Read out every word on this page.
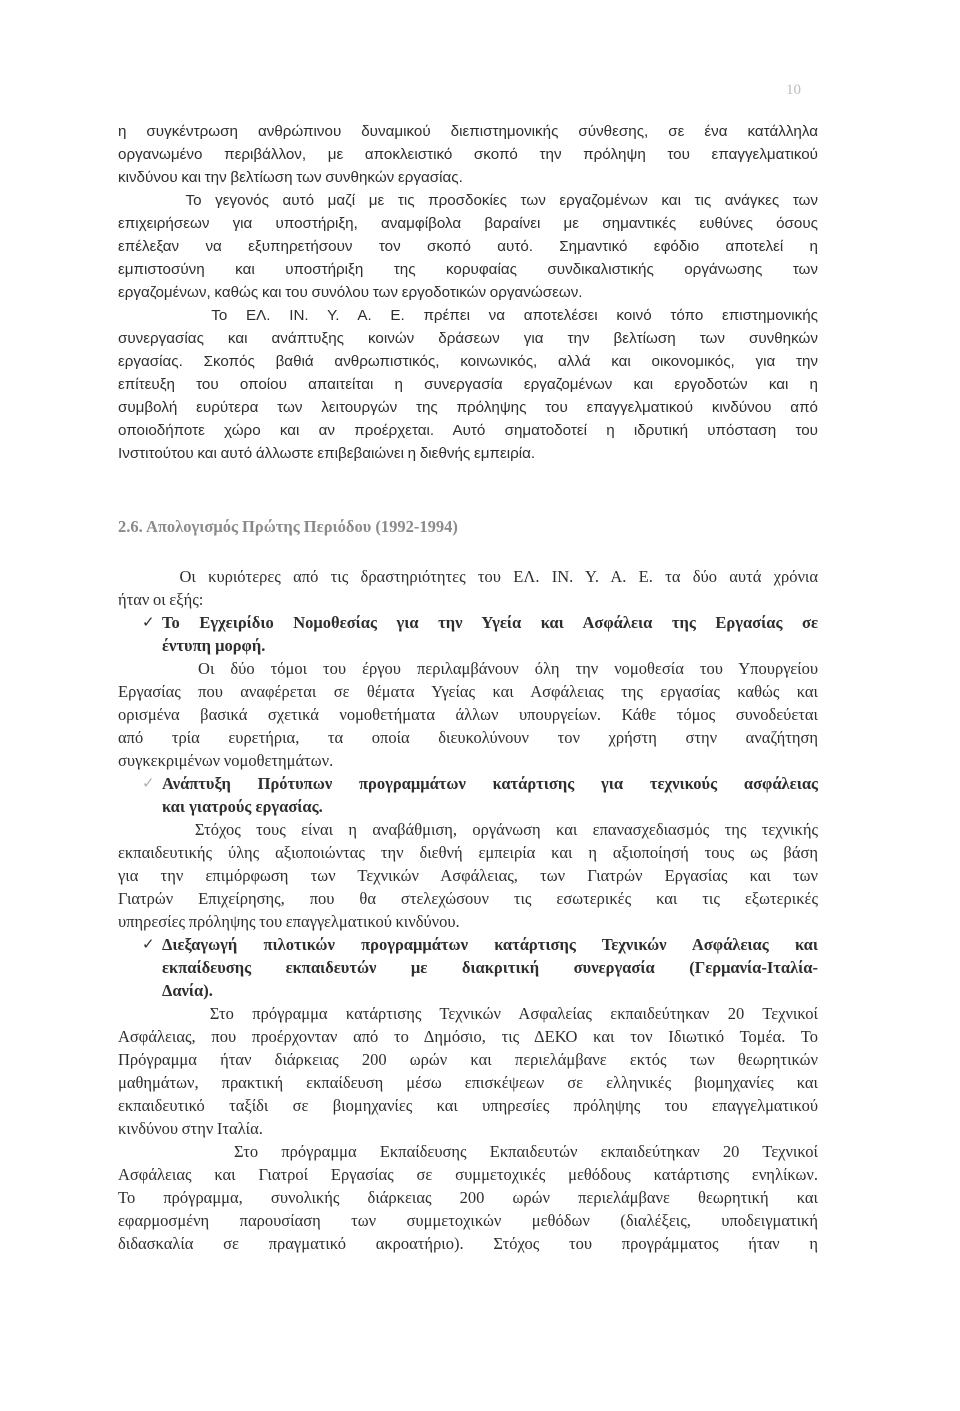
10
η συγκέντρωση ανθρώπινου δυναμικού διεπιστημονικής σύνθεσης, σε ένα κατάλληλα
οργανωμένο περιβάλλον, με αποκλειστικό σκοπό την πρόληψη του επαγγελματικού
κινδύνου και την βελτίωση των συνθηκών εργασίας.
Το γεγονός αυτό μαζί με τις προσδοκίες των εργαζομένων και τις ανάγκες των
επιχειρήσεων για υποστήριξη, αναμφίβολα βαραίνει με σημαντικές ευθύνες όσους
επέλεξαν να εξυπηρετήσουν τον σκοπό αυτό. Σημαντικό εφόδιο αποτελεί η
εμπιστοσύνη και υποστήριξη της κορυφαίας συνδικαλιστικής οργάνωσης των
εργαζομένων, καθώς και του συνόλου των εργοδοτικών οργανώσεων.
Το ΕΛ. ΙΝ. Υ. Α. Ε. πρέπει να αποτελέσει κοινό τόπο επιστημονικής
συνεργασίας και ανάπτυξης κοινών δράσεων για την βελτίωση των συνθηκών
εργασίας. Σκοπός βαθιά ανθρωπιστικός, κοινωνικός, αλλά και οικονομικός, για την
επίτευξη του οποίου απαιτείται η συνεργασία εργαζομένων και εργοδοτών και η
συμβολή ευρύτερα των λειτουργών της πρόληψης του επαγγελματικού κινδύνου από
οποιοδήποτε χώρο και αν προέρχεται. Αυτό σηματοδοτεί η ιδρυτική υπόσταση του
Ινστιτούτου και αυτό άλλωστε επιβεβαιώνει η διεθνής εμπειρία.
2.6. Απολογισμός Πρώτης Περιόδου (1992-1994)
Οι κυριότερες από τις δραστηριότητες του ΕΛ. ΙΝ. Υ. Α. Ε. τα δύο αυτά χρόνια
ήταν οι εξής:
✓ Το Εγχειρίδιο Νομοθεσίας για την Υγεία και Ασφάλεια της Εργασίας σε
έντυπη μορφή.
Οι δύο τόμοι του έργου περιλαμβάνουν όλη την νομοθεσία του Υπουργείου
Εργασίας που αναφέρεται σε θέματα Υγείας και Ασφάλειας της εργασίας καθώς και
ορισμένα βασικά σχετικά νομοθετήματα άλλων υπουργείων. Κάθε τόμος συνοδεύεται
από τρία ευρετήρια, τα οποία διευκολύνουν τον χρήστη στην αναζήτηση
συγκεκριμένων νομοθετημάτων.
✓ Ανάπτυξη Πρότυπων προγραμμάτων κατάρτισης για τεχνικούς ασφάλειας
και γιατρούς εργασίας.
Στόχος τους είναι η αναβάθμιση, οργάνωση και επανασχεδιασμός της τεχνικής
εκπαιδευτικής ύλης αξιοποιώντας την διεθνή εμπειρία και η αξιοποίησή τους ως βάση
για την επιμόρφωση των Τεχνικών Ασφάλειας, των Γιατρών Εργασίας και των
Γιατρών Επιχείρησης, που θα στελεχώσουν τις εσωτερικές και τις εξωτερικές
υπηρεσίες πρόληψης του επαγγελματικού κινδύνου.
✓ Διεξαγωγή πιλοτικών προγραμμάτων κατάρτισης Τεχνικών Ασφάλειας και
εκπαίδευσης εκπαιδευτών με διακριτική συνεργασία (Γερμανία-Ιταλία-
Δανία).
Στο πρόγραμμα κατάρτισης Τεχνικών Ασφαλείας εκπαιδεύτηκαν 20 Τεχνικοί
Ασφάλειας, που προέρχονταν από το Δημόσιο, τις ΔΕΚΟ και τον Ιδιωτικό Τομέα. Το
Πρόγραμμα ήταν διάρκειας 200 ωρών και περιελάμβανε εκτός των θεωρητικών
μαθημάτων, πρακτική εκπαίδευση μέσω επισκέψεων σε ελληνικές βιομηχανίες και
εκπαιδευτικό ταξίδι σε βιομηχανίες και υπηρεσίες πρόληψης του επαγγελματικού
κινδύνου στην Ιταλία.
Στο πρόγραμμα Εκπαίδευσης Εκπαιδευτών εκπαιδεύτηκαν 20 Τεχνικοί
Ασφάλειας και Γιατροί Εργασίας σε συμμετοχικές μεθόδους κατάρτισης ενηλίκων.
Το πρόγραμμα, συνολικής διάρκειας 200 ωρών περιελάμβανε θεωρητική και
εφαρμοσμένη παρουσίαση των συμμετοχικών μεθόδων (διαλέξεις, υποδειγματική
διδασκαλία σε πραγματικό ακροατήριο). Στόχος του προγράμματος ήταν η
